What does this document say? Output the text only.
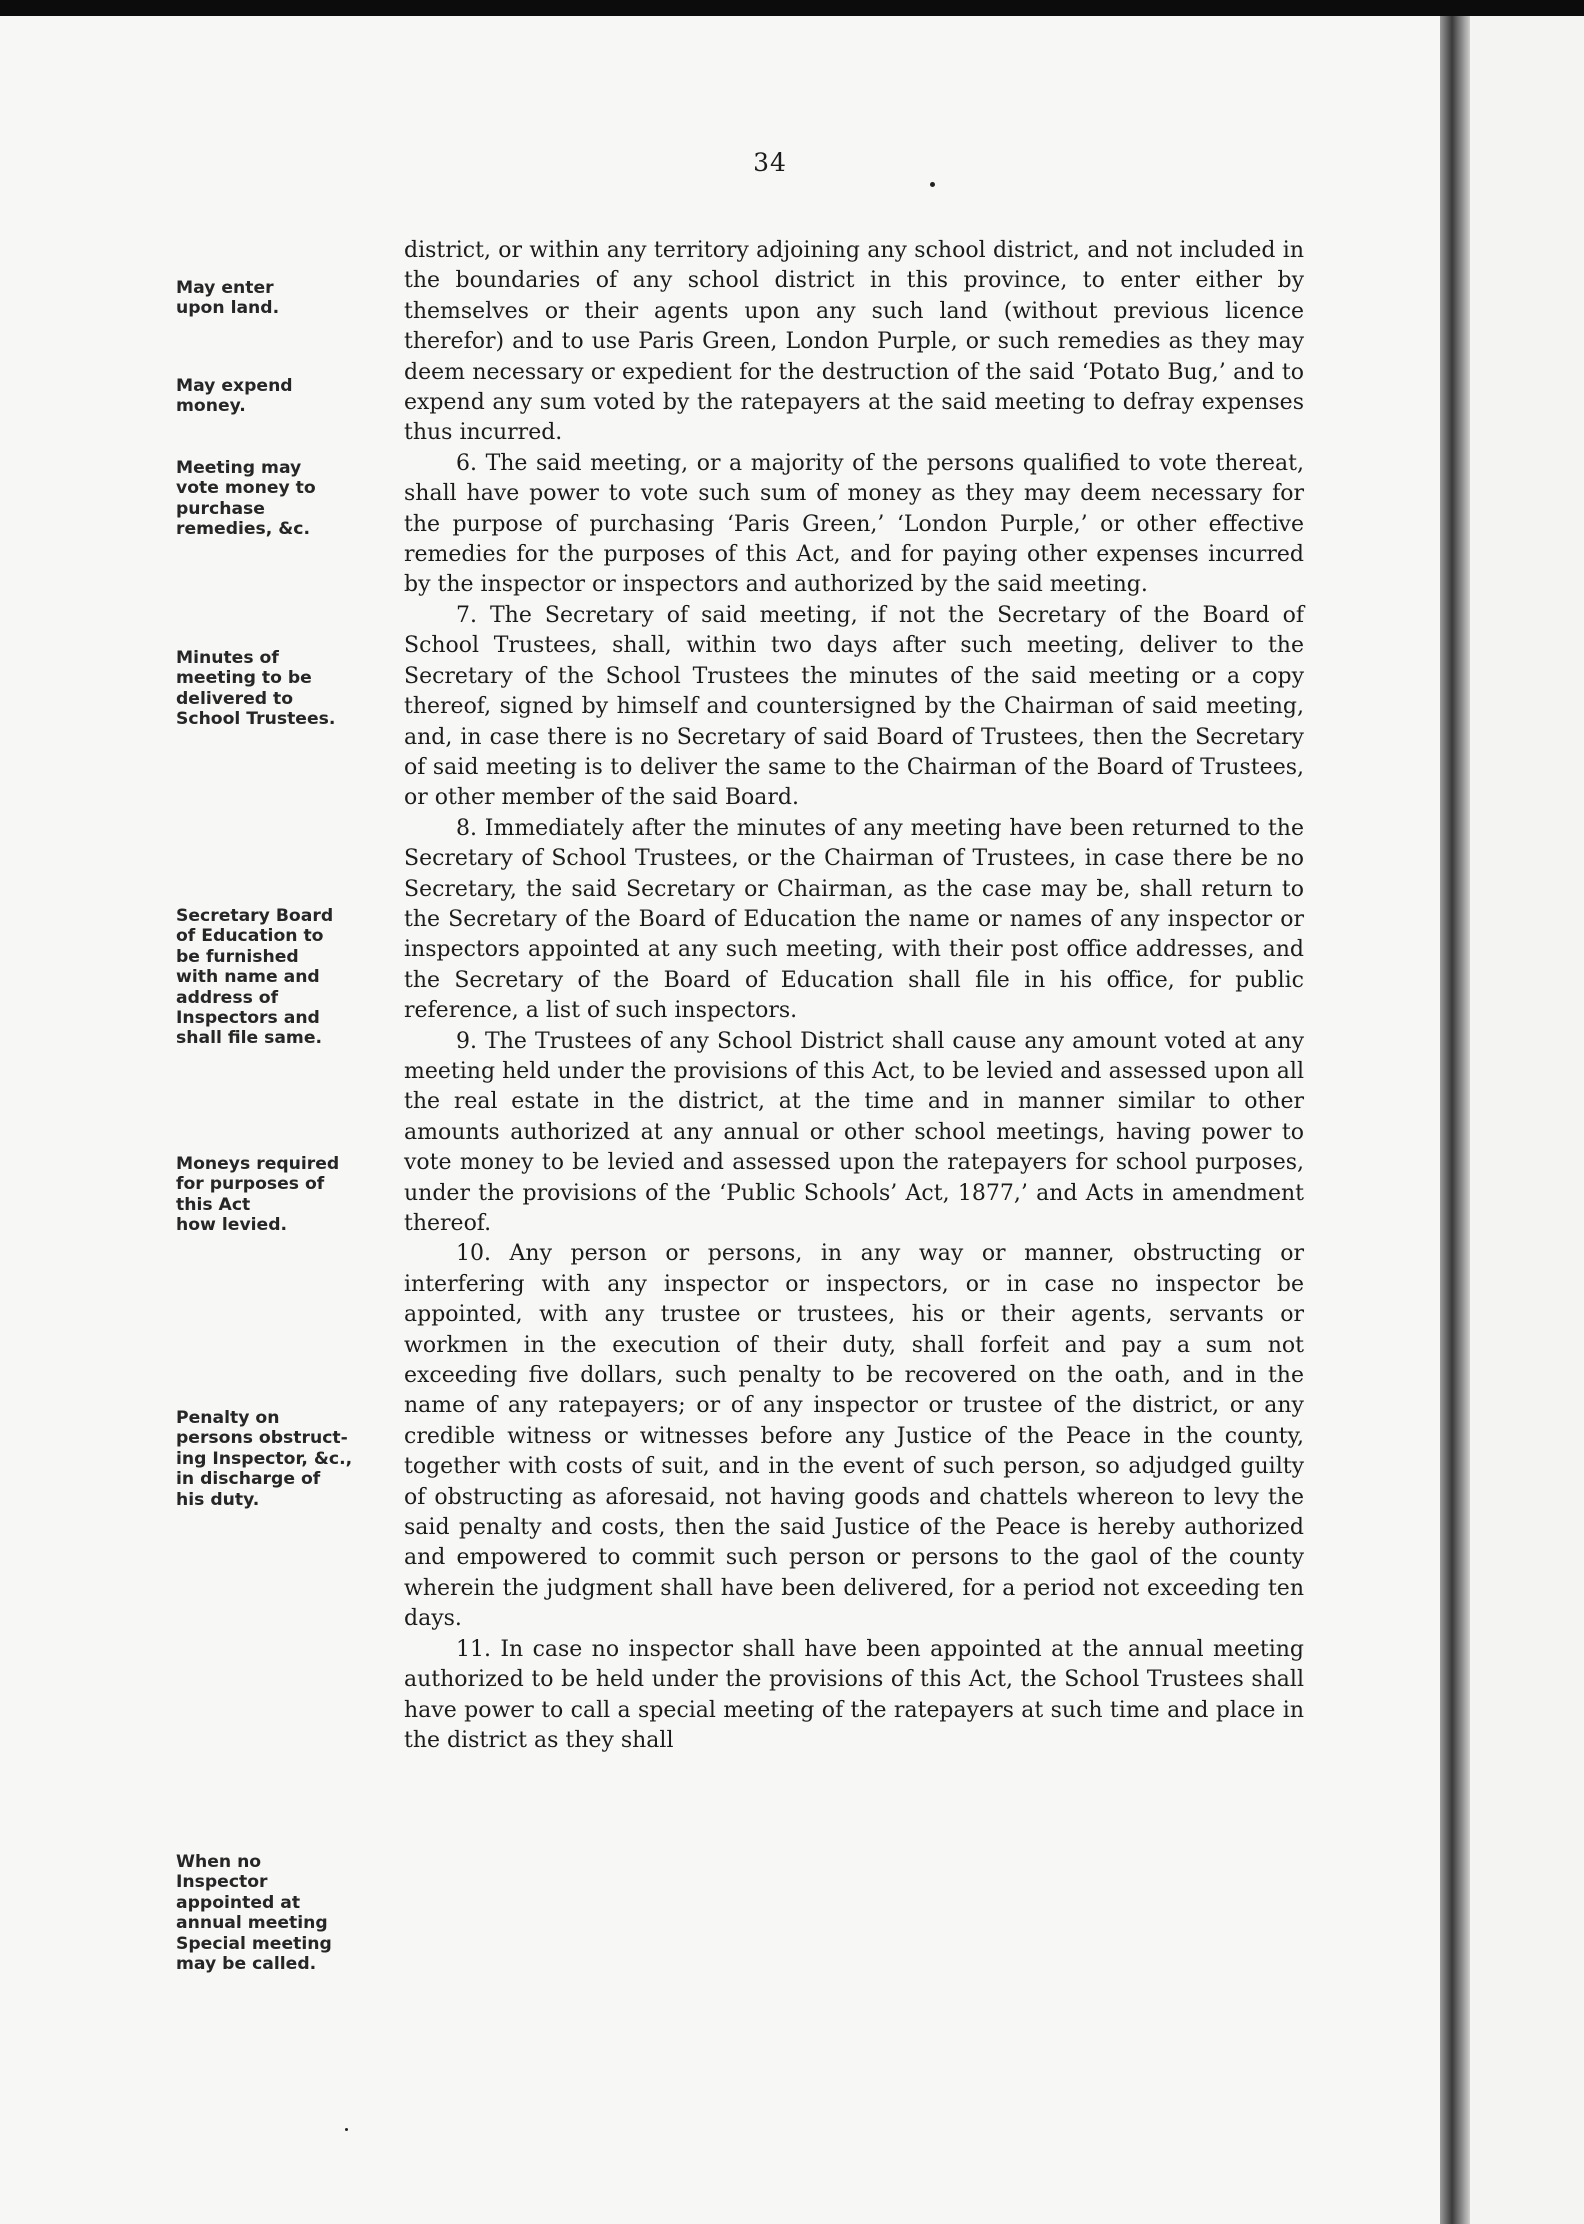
34

May enter
upon land.

May expend
money.

Meeting may
vote money to
purchase
remedies, &c.

Minutes of
meeting to be
delivered to
School Trustees.

Secretary Board
of Education to
be furnished
with name and
address of
Inspectors and
shall file same.

Moneys required
for purposes of
this Act
how levied.

Penalty on
persons obstruct-
ing Inspector, &c.,
in discharge of
his duty.

When no
Inspector
appointed at
annual meeting
Special meeting
may be called.

district, or within any territory adjoining any school district, and not included in the boundaries of any school district in this province, to enter either by themselves or their agents upon any such land (without previous licence therefor) and to use Paris Green, London Purple, or such remedies as they may deem necessary or expedient for the destruction of the said ‘Potato Bug,’ and to expend any sum voted by the ratepayers at the said meeting to defray expenses thus incurred.

6. The said meeting, or a majority of the persons qualified to vote thereat, shall have power to vote such sum of money as they may deem necessary for the purpose of purchasing ‘Paris Green,’ ‘London Purple,’ or other effective remedies for the purposes of this Act, and for paying other expenses incurred by the inspector or inspectors and authorized by the said meeting.

7. The Secretary of said meeting, if not the Secretary of the Board of School Trustees, shall, within two days after such meeting, deliver to the Secretary of the School Trustees the minutes of the said meeting or a copy thereof, signed by himself and countersigned by the Chairman of said meeting, and, in case there is no Secretary of said Board of Trustees, then the Secretary of said meeting is to deliver the same to the Chairman of the Board of Trustees, or other member of the said Board.

8. Immediately after the minutes of any meeting have been returned to the Secretary of School Trustees, or the Chairman of Trustees, in case there be no Secretary, the said Secretary or Chairman, as the case may be, shall return to the Secretary of the Board of Education the name or names of any inspector or inspectors appointed at any such meeting, with their post office addresses, and the Secretary of the Board of Education shall file in his office, for public reference, a list of such inspectors.

9. The Trustees of any School District shall cause any amount voted at any meeting held under the provisions of this Act, to be levied and assessed upon all the real estate in the district, at the time and in manner similar to other amounts authorized at any annual or other school meetings, having power to vote money to be levied and assessed upon the ratepayers for school purposes, under the provisions of the ‘Public Schools’ Act, 1877,’ and Acts in amendment thereof.

10. Any person or persons, in any way or manner, obstructing or interfering with any inspector or inspectors, or in case no inspector be appointed, with any trustee or trustees, his or their agents, servants or workmen in the execution of their duty, shall forfeit and pay a sum not exceeding five dollars, such penalty to be recovered on the oath, and in the name of any ratepayers; or of any inspector or trustee of the district, or any credible witness or witnesses before any Justice of the Peace in the county, together with costs of suit, and in the event of such person, so adjudged guilty of obstructing as aforesaid, not having goods and chattels whereon to levy the said penalty and costs, then the said Justice of the Peace is hereby authorized and empowered to commit such person or persons to the gaol of the county wherein the judgment shall have been delivered, for a period not exceeding ten days.

11. In case no inspector shall have been appointed at the annual meeting authorized to be held under the provisions of this Act, the School Trustees shall have power to call a special meeting of the ratepayers at such time and place in the district as they shall
